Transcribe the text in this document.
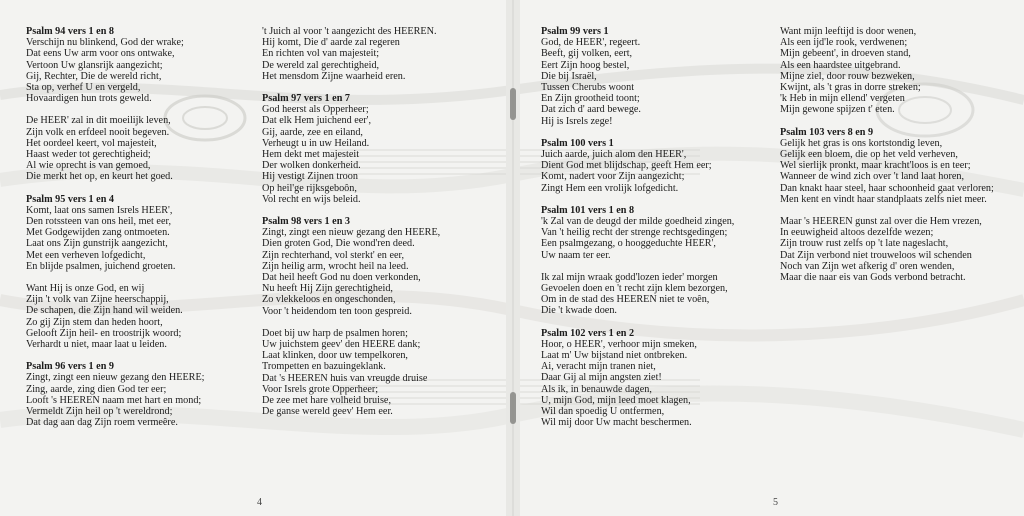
Psalm 94 vers 1 en 8
Verschijn nu blinkend, God der wrake;
Dat eens Uw arm voor ons ontwake,
Vertoon Uw glansrijk aangezicht;
Gij, Rechter, Die de wereld richt,
Sta op, verhef U en vergeld,
Hovaardigen hun trots geweld.
De HEER' zal in dit moeilijk leven,
Zijn volk en erfdeel nooit begeven.
Het oordeel keert, vol majesteit,
Haast weder tot gerechtigheid;
Al wie oprecht is van gemoed,
Die merkt het op, en keurt het goed.
Psalm 95 vers 1 en 4
Komt, laat ons samen Isrels HEER',
Den rotssteen van ons heil, met eer,
Met Godgewijden zang ontmoeten.
Laat ons Zijn gunstrijk aangezicht,
Met een verheven lofgedicht,
En blijde psalmen, juichend groeten.
Want Hij is onze God, en wij
Zijn 't volk van Zijne heerschappij,
De schapen, die Zijn hand wil weiden.
Zo gij Zijn stem dan heden hoort,
Gelooft Zijn heil- en troostrijk woord;
Verhardt u niet, maar laat u leiden.
Psalm 96 vers 1 en 9
Zingt, zingt een nieuw gezang den HEERE;
Zing, aarde, zing dien God ter eer;
Looft 's HEEREN naam met hart en mond;
Vermeldt Zijn heil op 't wereldrond;
Dat dag aan dag Zijn roem vermeêre.
't Juich al voor 't aangezicht des HEEREN.
Hij komt, Die d' aarde zal regeren
En richten vol van majesteit;
De wereld zal gerechtigheid,
Het mensdom Zijne waarheid eren.
Psalm 97 vers 1 en 7
God heerst als Opperheer;
Dat elk Hem juichend eer',
Gij, aarde, zee en eiland,
Verheugt u in uw Heiland.
Hem dekt met majesteit
Der wolken donkerheid.
Hij vestigt Zijnen troon
Op heil'ge rijksgeboôn,
Vol recht en wijs beleid.
Psalm 98 vers 1 en 3
Zingt, zingt een nieuw gezang den HEERE,
Dien groten God, Die wond'ren deed.
Zijn rechterhand, vol sterkt' en eer,
Zijn heilig arm, wrocht heil na leed.
Dat heil heeft God nu doen verkonden,
Nu heeft Hij Zijn gerechtigheid,
Zo vlekkeloos en ongeschonden,
Voor 't heidendom ten toon gespreid.
Doet bij uw harp de psalmen horen;
Uw juichstem geev' den HEERE dank;
Laat klinken, door uw tempelkoren,
Trompetten en bazuingeklank.
Dat 's HEEREN huis van vreugde druise
Voor Isrels grote Opperheer;
De zee met hare volheid bruise,
De ganse wereld geev' Hem eer.
Psalm 99 vers 1
God, de HEER', regeert.
Beeft, gij volken, eert,
Eert Zijn hoog bestel,
Die bij Israël,
Tussen Cherubs woont
En Zijn grootheid toont;
Dat zich d' aard bewege.
Hij is Isrels zege!
Psalm 100 vers 1
Juich aarde, juich alom den HEER',
Dient God met blijdschap, geeft Hem eer;
Komt, nadert voor Zijn aangezicht;
Zingt Hem een vrolijk lofgedicht.
Psalm 101 vers 1 en 8
'k Zal van de deugd der milde goedheid zingen,
Van 't heilig recht der strenge rechtsgedingen;
Een psalmgezang, o hooggeduchte HEER',
Uw naam ter eer.
Ik zal mijn wraak godd'lozen ieder' morgen
Gevoelen doen en 't recht zijn klem bezorgen,
Om in de stad des HEEREN niet te voên,
Die 't kwade doen.
Psalm 102 vers 1 en 2
Hoor, o HEER', verhoor mijn smeken,
Laat m' Uw bijstand niet ontbreken.
Ai, veracht mijn tranen niet,
Daar Gij al mijn angsten ziet!
Als ik, in benauwde dagen,
U, mijn God, mijn leed moet klagen,
Wil dan spoedig U ontfermen,
Wil mij door Uw macht beschermen.
Want mijn leeftijd is door wenen,
Als een ijd'le rook, verdwenen;
Mijn gebeent', in droeven stand,
Als een haardstee uitgebrand.
Mijne ziel, door rouw bezweken,
Kwijnt, als 't gras in dorre streken;
'k Heb in mijn ellend' vergeten
Mijn gewone spijzen t' eten.
Psalm 103 vers 8 en 9
Gelijk het gras is ons kortstondig leven,
Gelijk een bloem, die op het veld verheven,
Wel sierlijk pronkt, maar kracht'loos is en teer;
Wanneer de wind zich over 't land laat horen,
Dan knakt haar steel, haar schoonheid gaat verloren;
Men kent en vindt haar standplaats zelfs niet meer.
Maar 's HEEREN gunst zal over die Hem vrezen,
In eeuwigheid altoos dezelfde wezen;
Zijn trouw rust zelfs op 't late nageslacht,
Dat Zijn verbond niet trouweloos wil schenden
Noch van Zijn wet afkerig d' oren wenden,
Maar die naar eis van Gods verbond betracht.
4	5
